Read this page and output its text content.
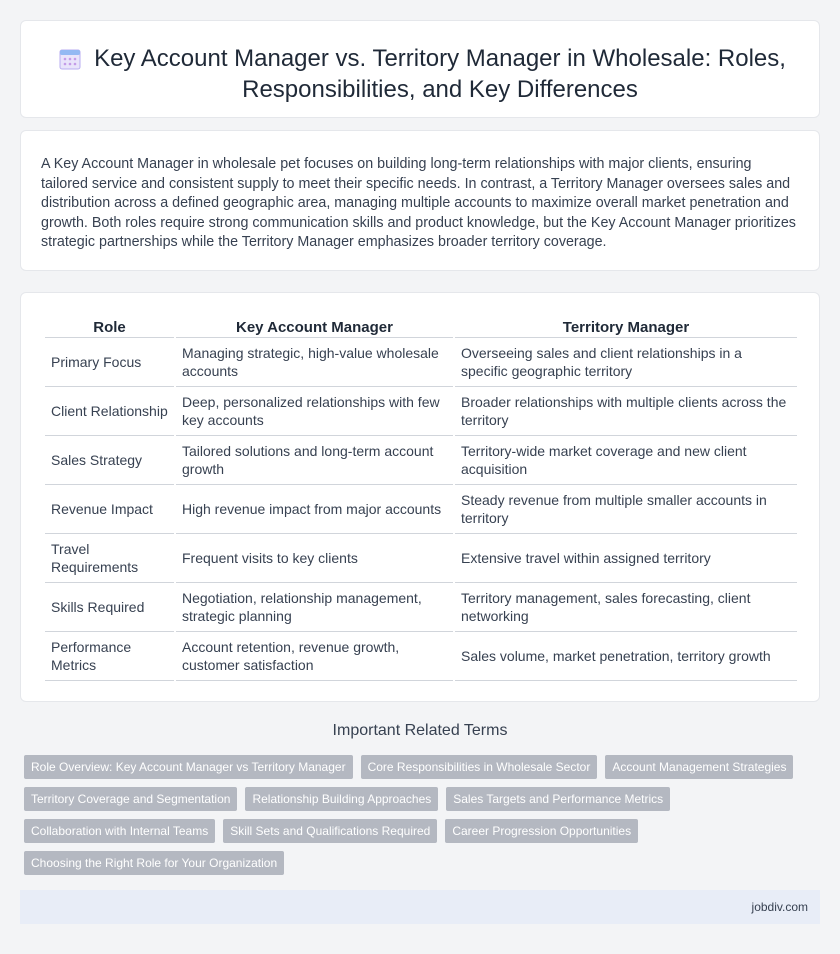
Key Account Manager vs. Territory Manager in Wholesale: Roles, Responsibilities, and Key Differences

A Key Account Manager in wholesale pet focuses on building long-term relationships with major clients, ensuring tailored service and consistent supply to meet their specific needs. In contrast, a Territory Manager oversees sales and distribution across a defined geographic area, managing multiple accounts to maximize overall market penetration and growth. Both roles require strong communication skills and product knowledge, but the Key Account Manager prioritizes strategic partnerships while the Territory Manager emphasizes broader territory coverage.

Role	Key Account Manager	Territory Manager
Primary Focus	Managing strategic, high-value wholesale accounts	Overseeing sales and client relationships in a specific geographic territory
Client Relationship	Deep, personalized relationships with few key accounts	Broader relationships with multiple clients across the territory
Sales Strategy	Tailored solutions and long-term account growth	Territory-wide market coverage and new client acquisition
Revenue Impact	High revenue impact from major accounts	Steady revenue from multiple smaller accounts in territory
Travel Requirements	Frequent visits to key clients	Extensive travel within assigned territory
Skills Required	Negotiation, relationship management, strategic planning	Territory management, sales forecasting, client networking
Performance Metrics	Account retention, revenue growth, customer satisfaction	Sales volume, market penetration, territory growth
Important Related Terms
Role Overview: Key Account Manager vs Territory Manager	Core Responsibilities in Wholesale Sector	Account Management Strategies
Territory Coverage and Segmentation	Relationship Building Approaches	Sales Targets and Performance Metrics
Collaboration with Internal Teams	Skill Sets and Qualifications Required	Career Progression Opportunities
Choosing the Right Role for Your Organization
jobdiv.com
